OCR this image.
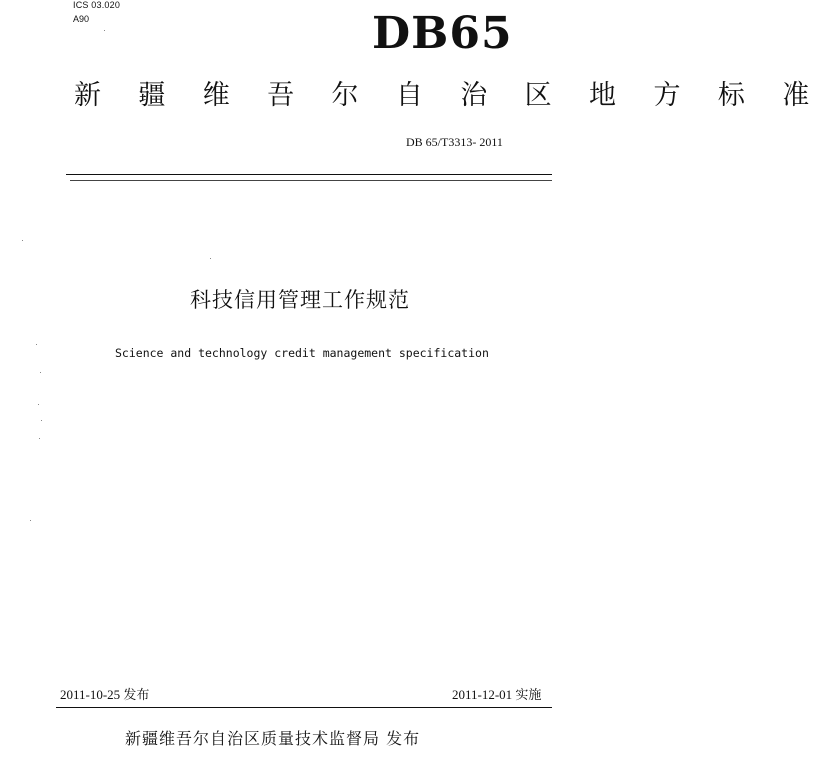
ICS 03.020
A90	DB65
新 疆 维 吾 尔 自 治 区 地 方 标 准
DB 65/T3313- 2011
科技信用管理工作规范
Science and technology credit management specification
2011-10-25 发布	2011-12-01 实施
新疆维吾尔自治区质量技术监督局 发布
